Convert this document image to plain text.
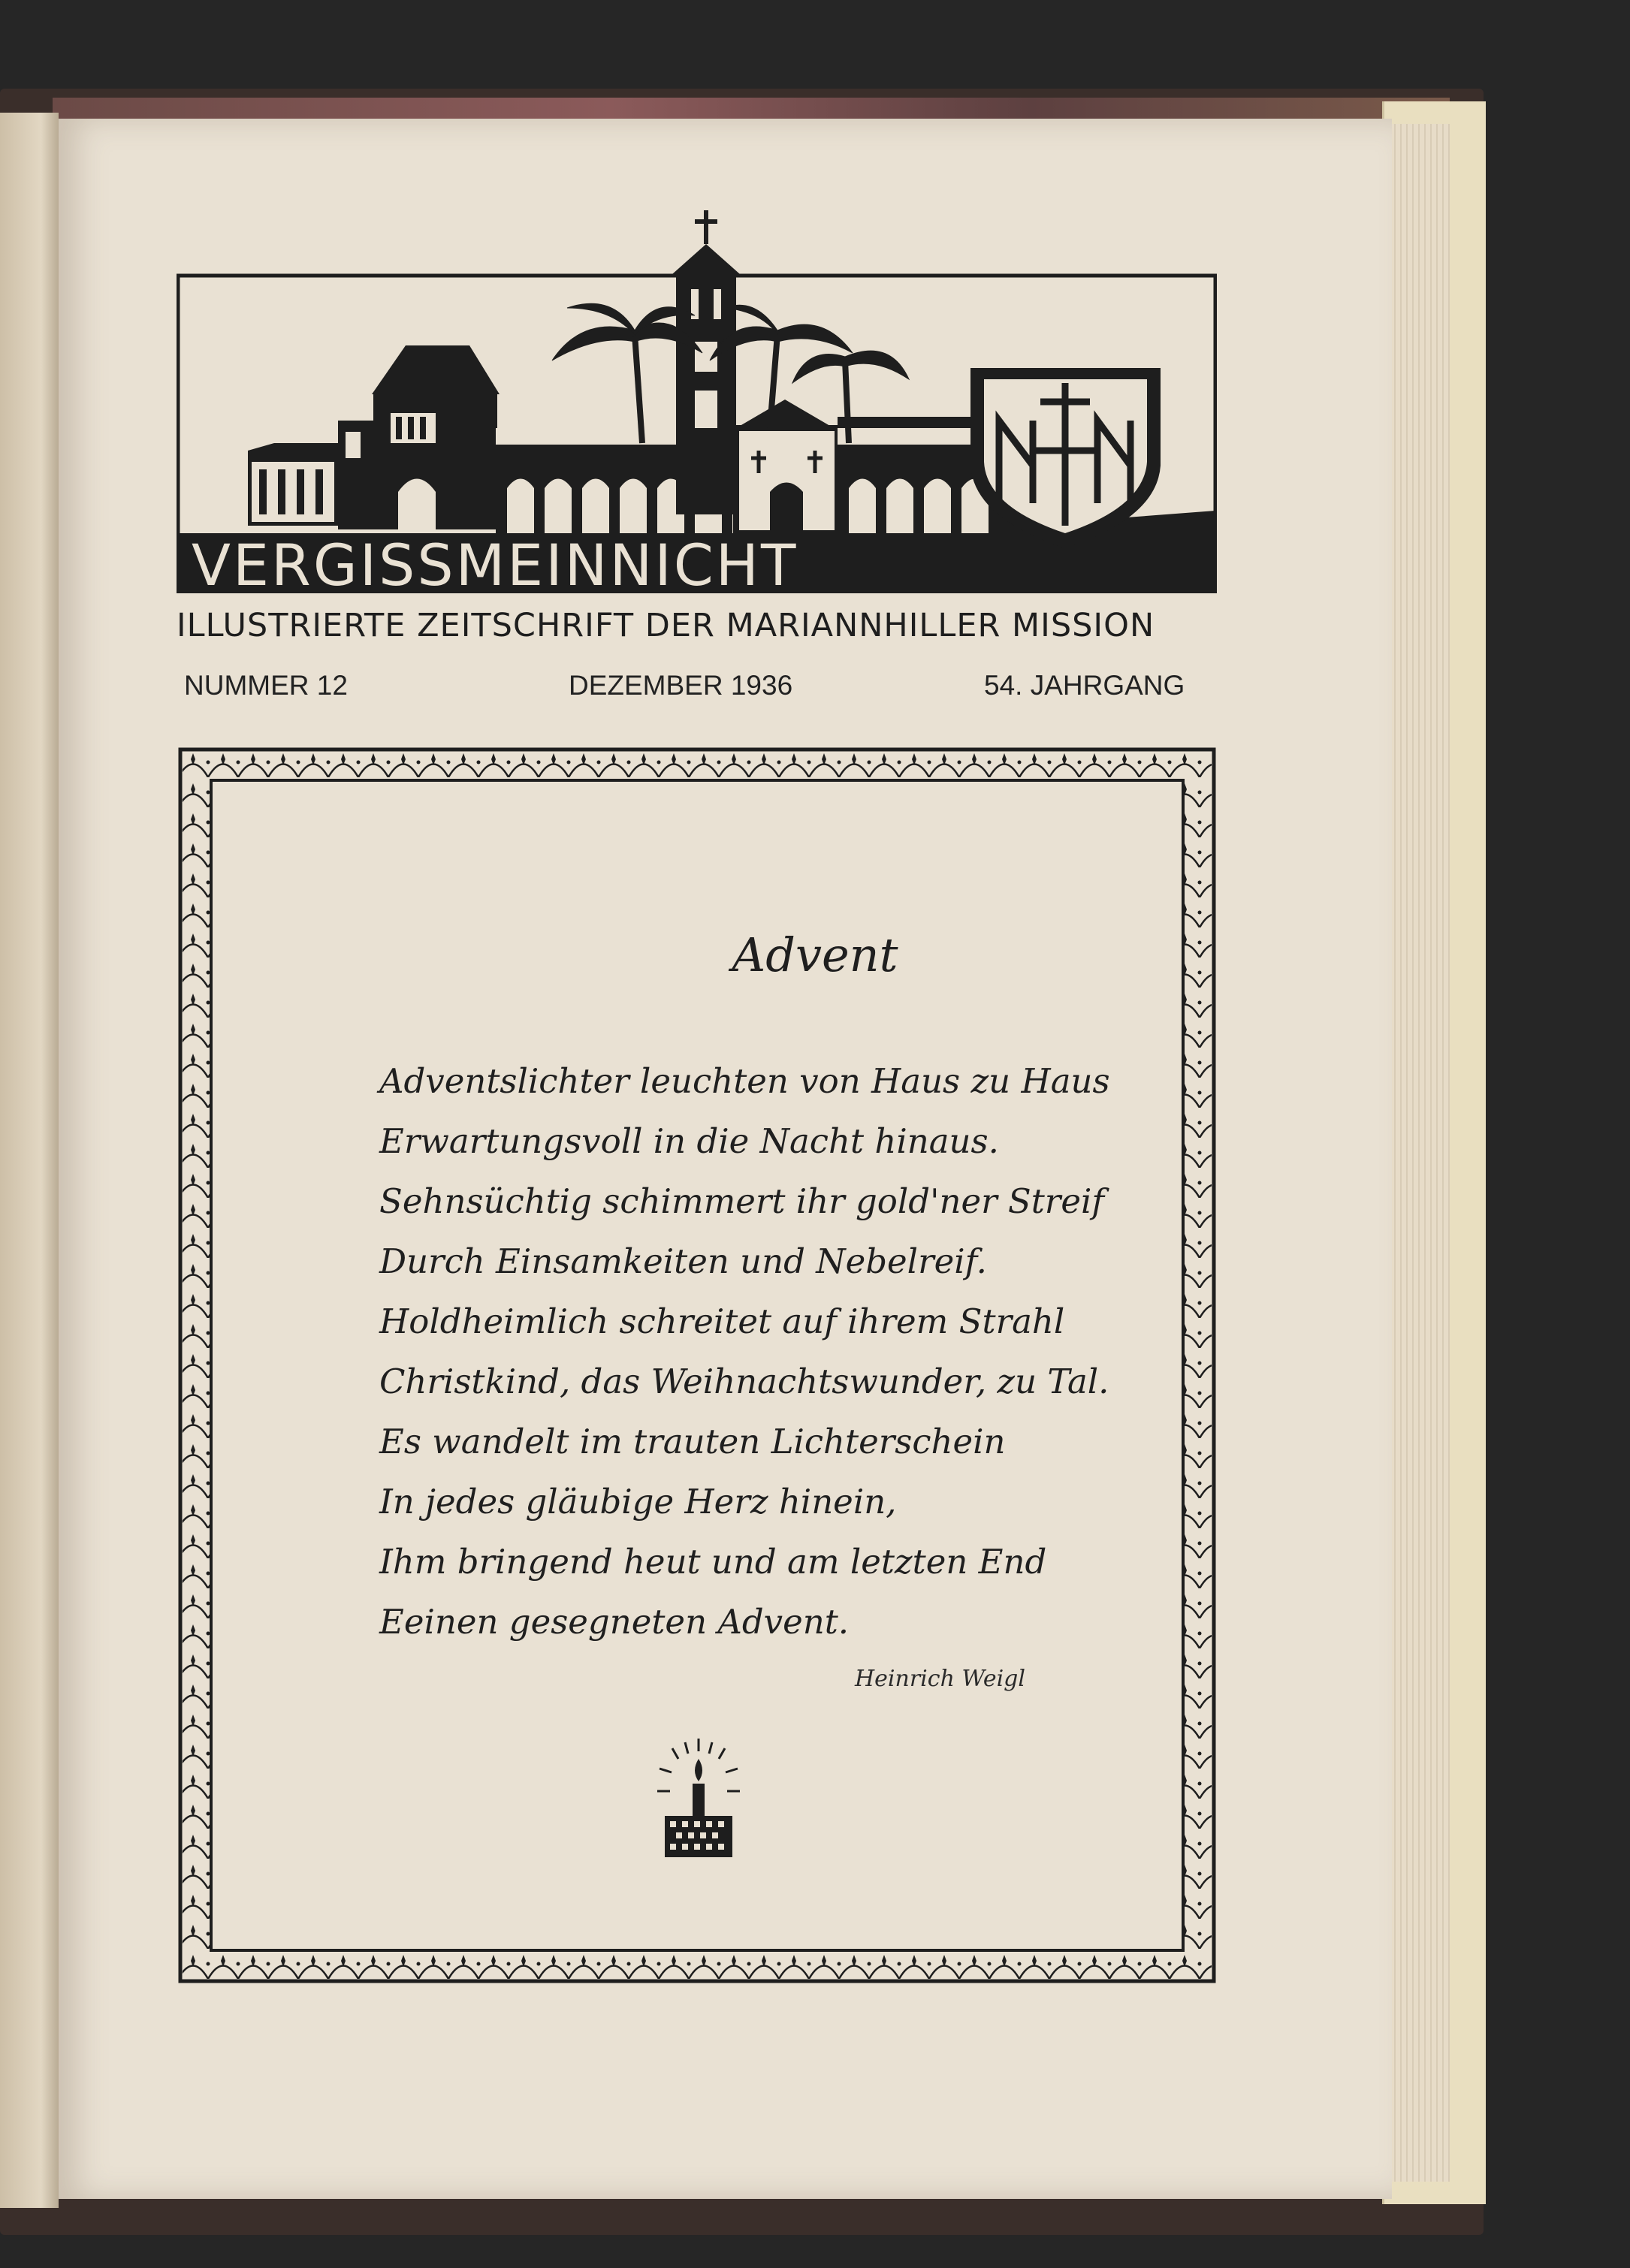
VERGISSMEINNICHT
ILLUSTRIERTE ZEITSCHRIFT DER MARIANNHILLER MISSION
NUMMER 12	DEZEMBER 1936	54. JAHRGANG
Advent
Adventslichter leuchten von Haus zu Haus
Erwartungsvoll in die Nacht hinaus.
Sehnsüchtig schimmert ihr gold'ner Streif
Durch Einsamkeiten und Nebelreif.
Holdheimlich schreitet auf ihrem Strahl
Christkind, das Weihnachtswunder, zu Tal.
Es wandelt im trauten Lichterschein
In jedes gläubige Herz hinein,
Ihm bringend heut und am letzten End
Eeinen gesegneten Advent.
Heinrich Weigl
